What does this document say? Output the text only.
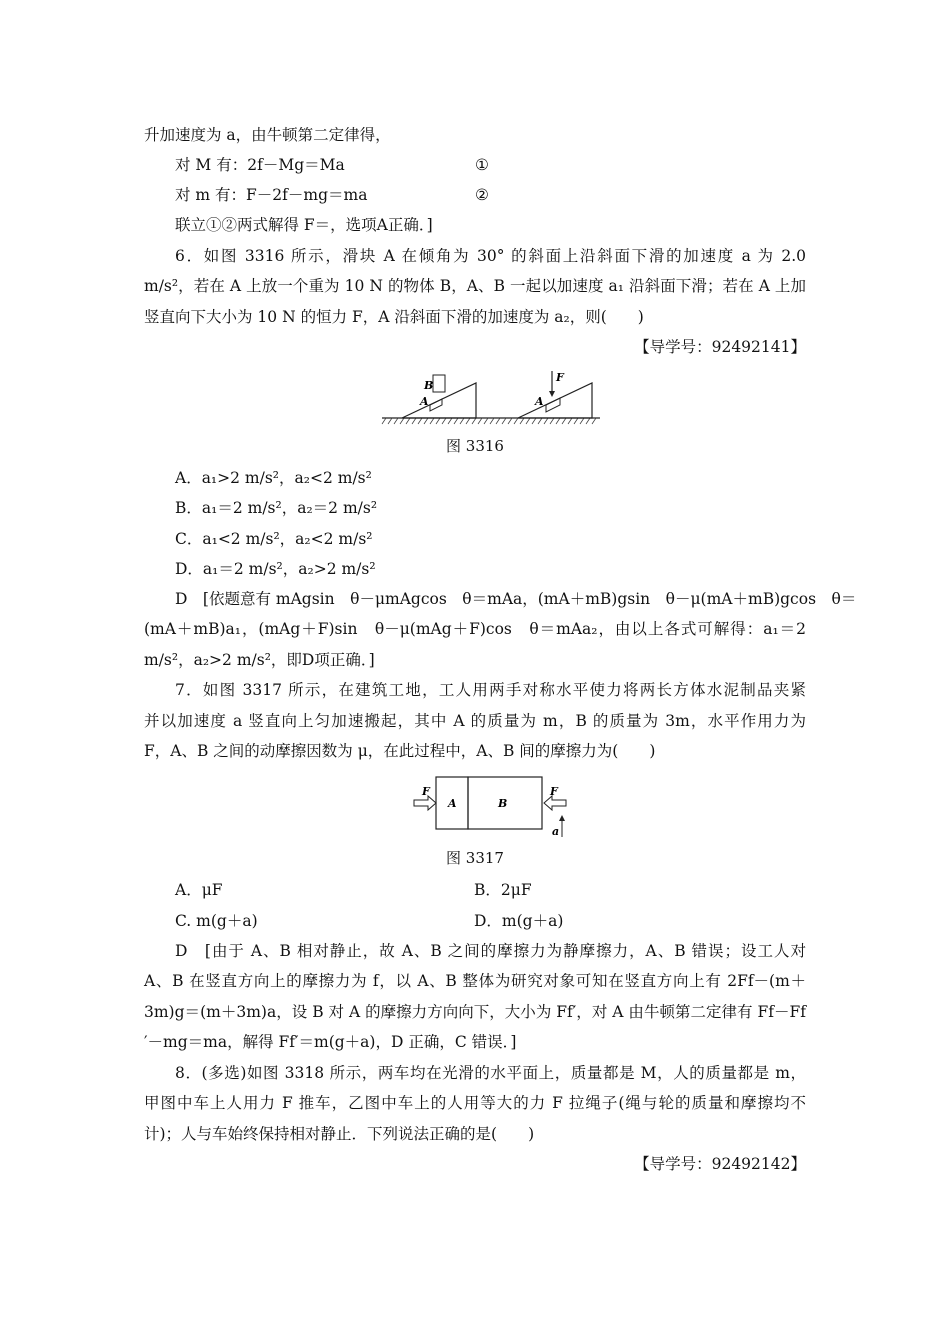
升加速度为 a，由牛顿第二定律得，
对 M 有：2f－Mg＝Ma	①
对 m 有：F－2f－mg＝ma	②
联立①②两式解得 F＝，选项A正确．]
6．如图 3316 所示，滑块 A 在倾角为 30° 的斜面上沿斜面下滑的加速度 a 为 2.0
m/s²，若在 A 上放一个重为 10 N 的物体 B，A、B 一起以加速度 a₁ 沿斜面下滑；若在 A 上加
竖直向下大小为 10 N 的恒力 F，A 沿斜面下滑的加速度为 a₂，则(　　)
【导学号：92492141】
B
A
F
A
图 3316
A．a₁>2 m/s²，a₂<2 m/s²
B．a₁＝2 m/s²，a₂＝2 m/s²
C．a₁<2 m/s²，a₂<2 m/s²
D．a₁＝2 m/s²，a₂>2 m/s²
D　[依题意有 mAgsin　θ－μmAgcos　θ＝mAa，(mA＋mB)gsin　θ－μ(mA＋mB)gcos　θ＝
(mA＋mB)a₁，(mAg＋F)sin　θ－μ(mAg＋F)cos　θ＝mAa₂，由以上各式可解得：a₁＝2
m/s²，a₂>2 m/s²，即D项正确．]
7．如图 3317 所示，在建筑工地，工人用两手对称水平使力将两长方体水泥制品夹紧
并以加速度 a 竖直向上匀加速搬起，其中 A 的质量为 m，B 的质量为 3m，水平作用力为
F，A、B 之间的动摩擦因数为 μ，在此过程中，A、B 间的摩擦力为(　　)
F
A	B
F
a
图 3317
A．μF	B．2μF
C. m(g＋a)	D．m(g＋a)
D　[由于 A、B 相对静止，故 A、B 之间的摩擦力为静摩擦力，A、B 错误；设工人对
A、B 在竖直方向上的摩擦力为 f，以 A、B 整体为研究对象可知在竖直方向上有 2Ff－(m＋
3m)g＝(m＋3m)a，设 B 对 A 的摩擦力方向向下，大小为 Ff′，对 A 由牛顿第二定律有 Ff－Ff
′－mg＝ma，解得 Ff′＝m(g＋a)，D 正确，C 错误．]
8．(多选)如图 3318 所示，两车均在光滑的水平面上，质量都是 M，人的质量都是 m，
甲图中车上人用力 F 推车，乙图中车上的人用等大的力 F 拉绳子(绳与轮的质量和摩擦均不
计)；人与车始终保持相对静止．下列说法正确的是(　　)
【导学号：92492142】
